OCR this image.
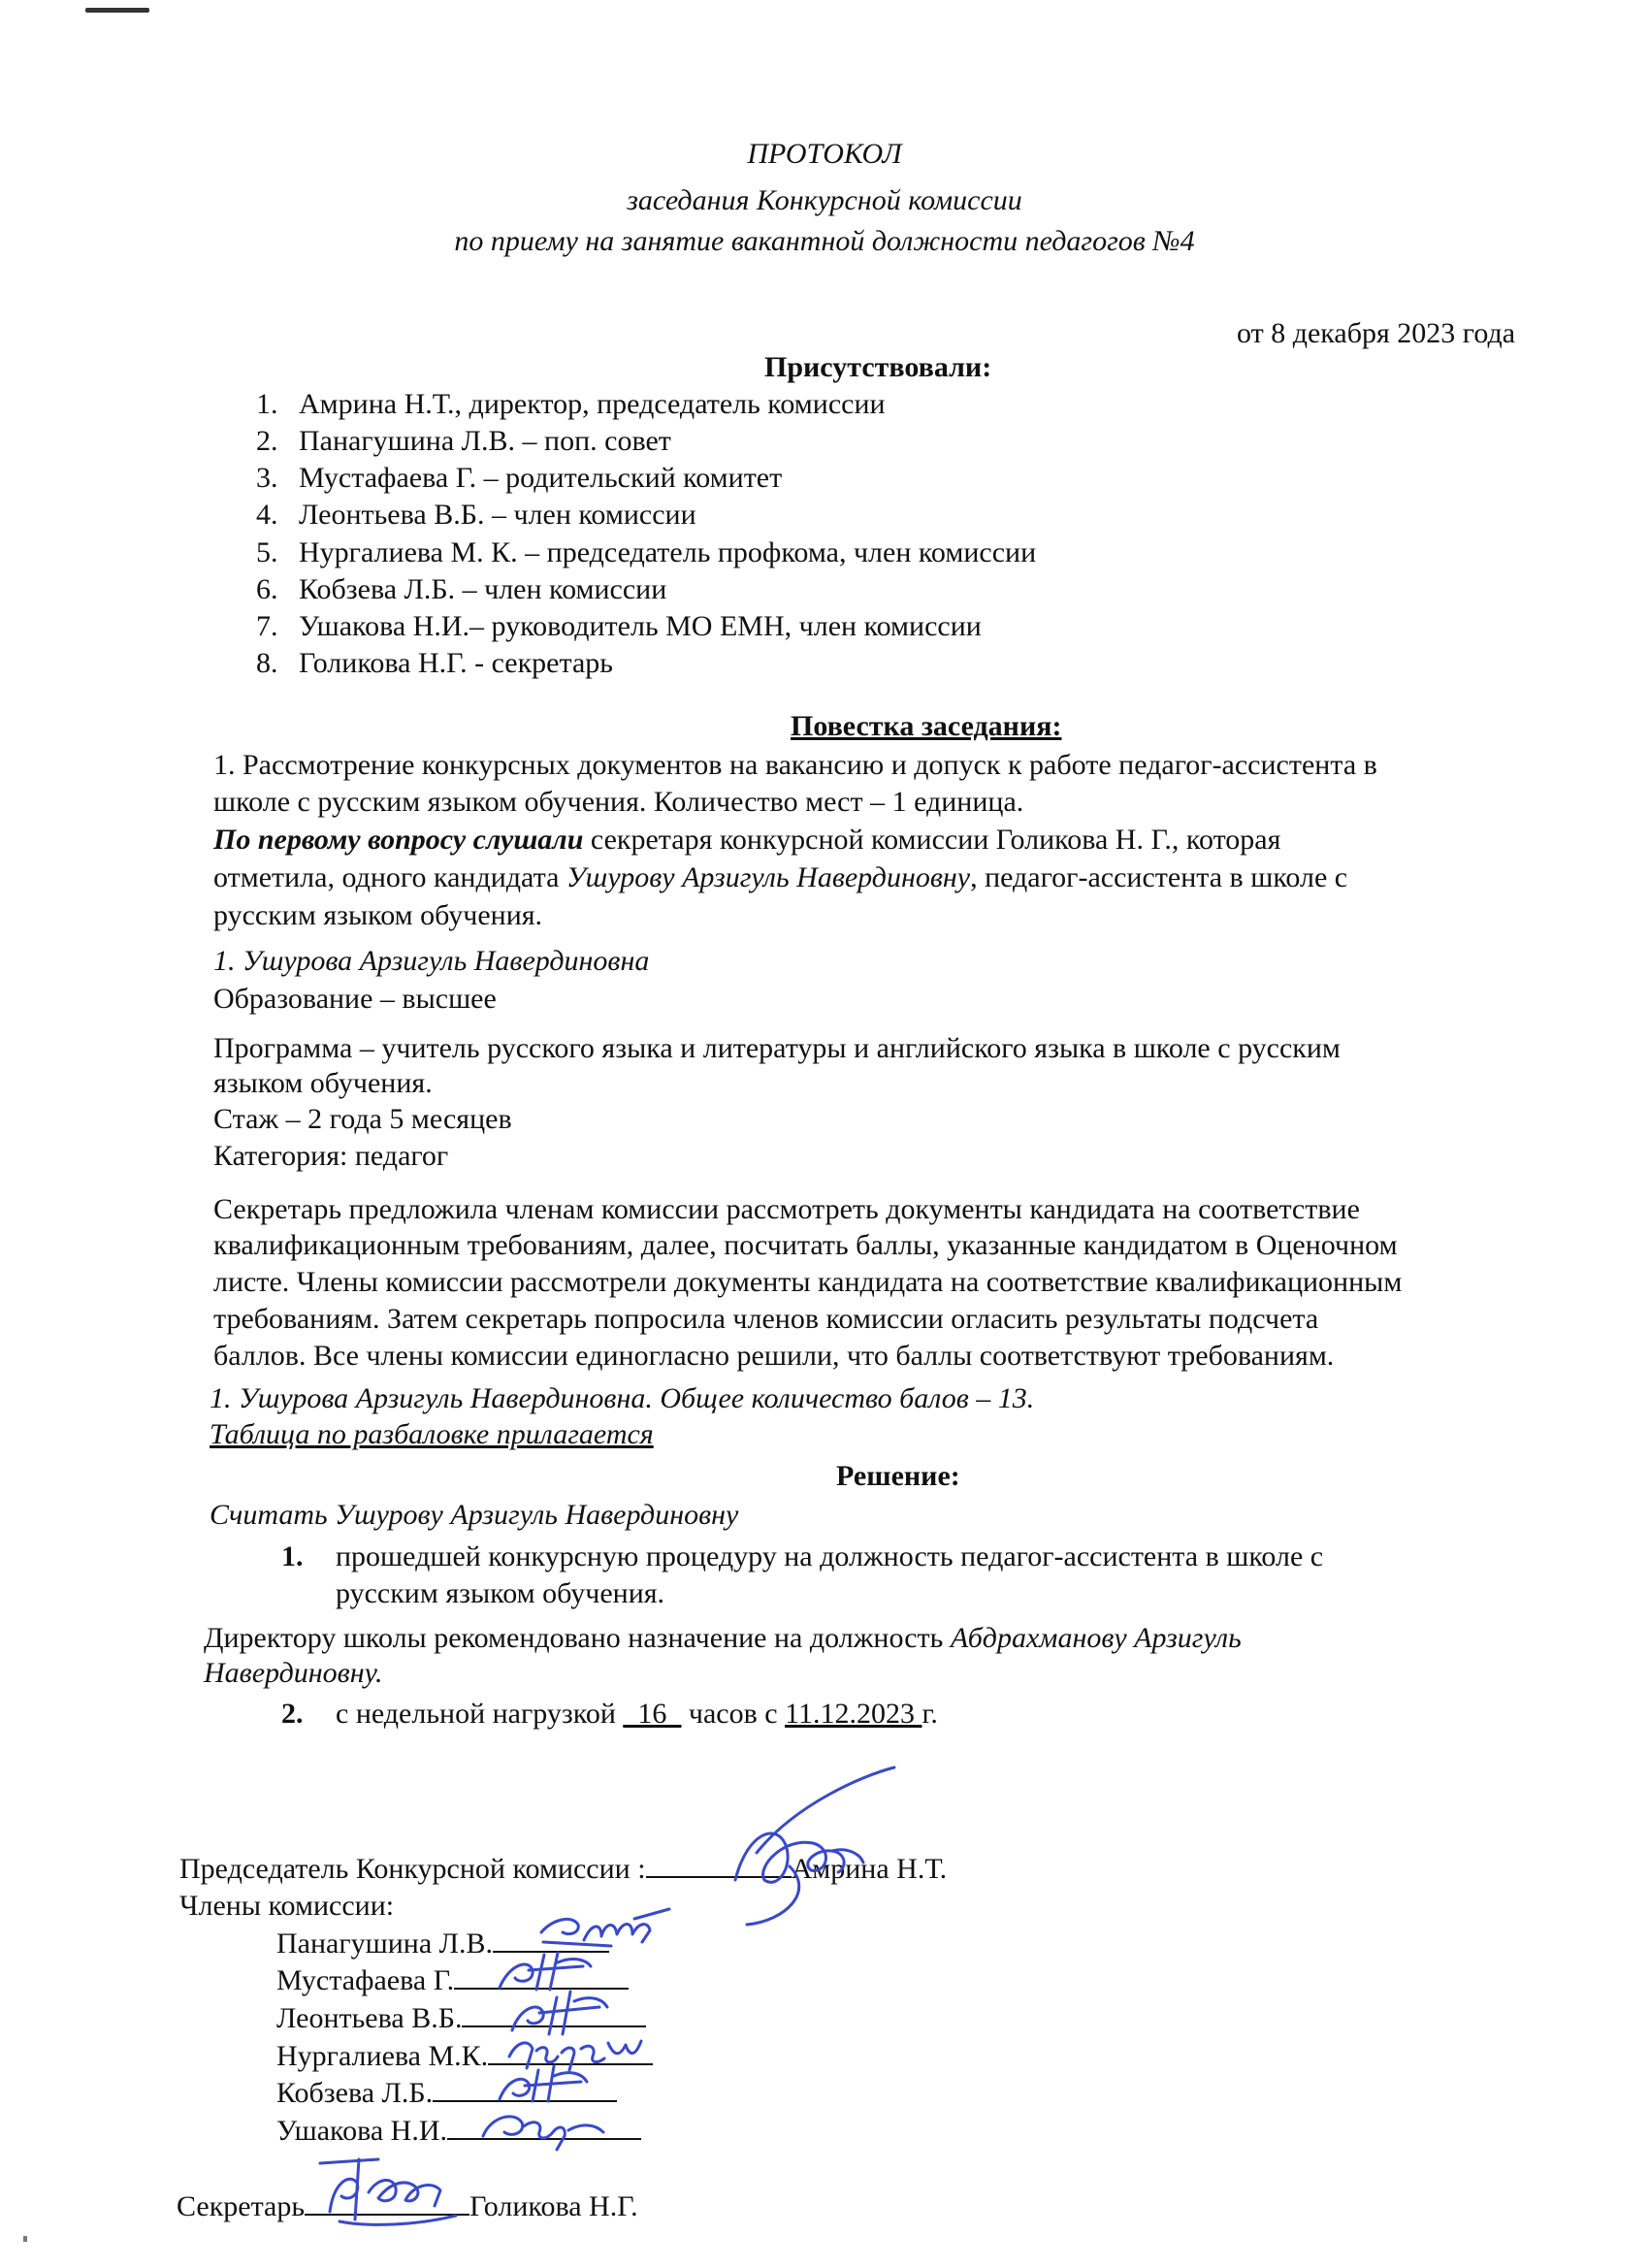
ПРОТОКОЛ
заседания Конкурсной комиссии
по приему на занятие вакантной должности педагогов №4
от 8 декабря 2023 года
Присутствовали:
1. Амрина Н.Т., директор, председатель комиссии
2. Панагушина Л.В. – поп. совет
3. Мустафаева Г. – родительский комитет
4. Леонтьева В.Б. – член комиссии
5. Нургалиева М. К. – председатель профкома, член комиссии
6. Кобзева Л.Б. – член комиссии
7. Ушакова Н.И.– руководитель МО ЕМН, член комиссии
8. Голикова Н.Г. - секретарь
Повестка заседания:
1. Рассмотрение конкурсных документов на вакансию и допуск к работе педагог-ассистента в
школе с русским языком обучения. Количество мест – 1 единица.
По первому вопросу слушали секретаря конкурсной комиссии Голикова Н. Г., которая
отметила, одного кандидата Ушурову Арзигуль Навердиновну, педагог-ассистента в школе с
русским языком обучения.
1. Ушурова Арзигуль Навердиновна
Образование – высшее
Программа – учитель русского языка и литературы и английского языка в школе с русским
языком обучения.
Стаж – 2 года 5 месяцев
Категория: педагог
Секретарь предложила членам комиссии рассмотреть документы кандидата на соответствие
квалификационным требованиям, далее, посчитать баллы, указанные кандидатом в Оценочном
листе. Члены комиссии рассмотрели документы кандидата на соответствие квалификационным
требованиям. Затем секретарь попросила членов комиссии огласить результаты подсчета
баллов. Все члены комиссии единогласно решили, что баллы соответствуют требованиям.
1. Ушурова Арзигуль Навердиновна. Общее количество балов – 13.
Таблица по разбаловке прилагается
Решение:
Считать Ушурову Арзигуль Навердиновну
1. прошедшей конкурсную процедуру на должность педагог-ассистента в школе с
русским языком обучения.
Директору школы рекомендовано назначение на должность Абдрахманову Арзигуль
Навердиновну.
2. с недельной нагрузкой _16_ часов с 11.12.2023 г.
Председатель Конкурсной комиссии :	Амрина Н.Т.
Члены комиссии:
Панагушина Л.В.
Мустафаева Г.
Леонтьева В.Б.
Нургалиева М.К.
Кобзева Л.Б.
Ушакова Н.И.
Секретарь	Голикова Н.Г.
